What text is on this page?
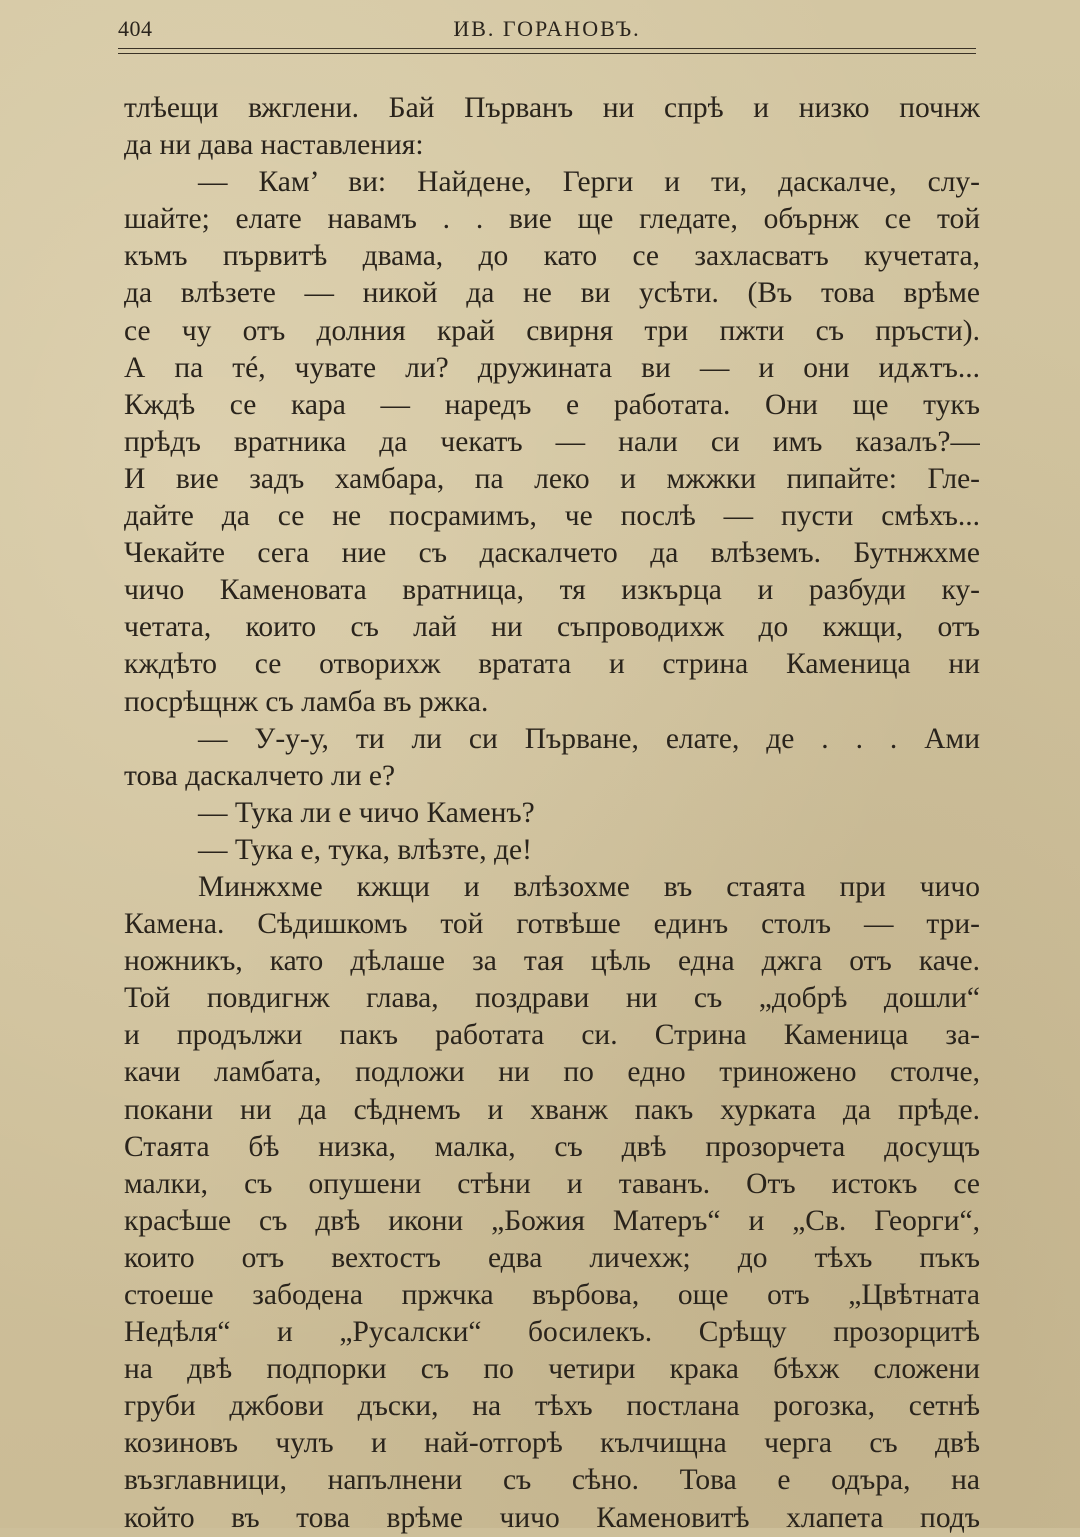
404	ИВ. ГОРАНОВЪ.
тлѣещи вжглени. Бай Първанъ ни спрѣ и низко почнж
да ни дава наставления:
— Кам’ ви: Найдене, Герги и ти, даскалче, слу-
шайте; елате навамъ . . вие ще гледате, обърнж се той
къмъ първитѣ двама, до като се захласватъ кучетата,
да влѣзете — никой да не ви усѣти. (Въ това врѣме
се чу отъ долния край свирня три пжти съ пръсти).
А па тé, чувате ли? дружината ви — и они идѫтъ...
Кждѣ се кара — наредъ е работата. Они ще тукъ
прѣдъ вратника да чекатъ — нали си имъ казалъ?—
И вие задъ хамбара, па леко и мжжки пипайте: Гле-
дайте да се не посрамимъ, че послѣ — пусти смѣхъ...
Чекайте сега ние съ даскалчето да влѣземъ. Бутнжхме
чичо Каменовата вратница, тя изкърца и разбуди ку-
четата, които съ лай ни съпроводихж до кжщи, отъ
кждѣто се отворихж вратата и стрина Каменица ни
посрѣщнж съ ламба въ ржка.
— У-у-у, ти ли си Първане, елате, де . . . Ами
това даскалчето ли е?
— Тука ли е чичо Каменъ?
— Тука е, тука, влѣзте, де!
Минжхме кжщи и влѣзохме въ стаята при чичо
Камена. Сѣдишкомъ той готвѣше единъ столъ — три-
ножникъ, като дѣлаше за тая цѣль една джга отъ каче.
Той повдигнж глава, поздрави ни съ „добрѣ дошли“
и продължи пакъ работата си. Стрина Каменица за-
качи ламбата, подложи ни по едно триножено столче,
покани ни да сѣднемъ и хванж пакъ хурката да прѣде.
Стаята бѣ низка, малка, съ двѣ прозорчета досущъ
малки, съ опушени стѣни и таванъ. Отъ истокъ се
красѣше съ двѣ икони „Божия Матеръ“ и „Св. Георги“,
които отъ вехтостъ едва личехж; до тѣхъ пъкъ
стоеше забодена пржчка върбова, още отъ „Цвѣтната
Недѣля“ и „Русалски“ босилекъ. Срѣщу прозорцитѣ
на двѣ подпорки съ по четири крака бѣхж сложени
груби джбови дъски, на тѣхъ постлана рогозка, сетнѣ
козиновъ чулъ и най-отгорѣ кълчищна черга съ двѣ
възглавници, напълнени съ сѣно. Това е одъра, на
който въ това врѣме чичо Каменовитѣ хлапета подъ
